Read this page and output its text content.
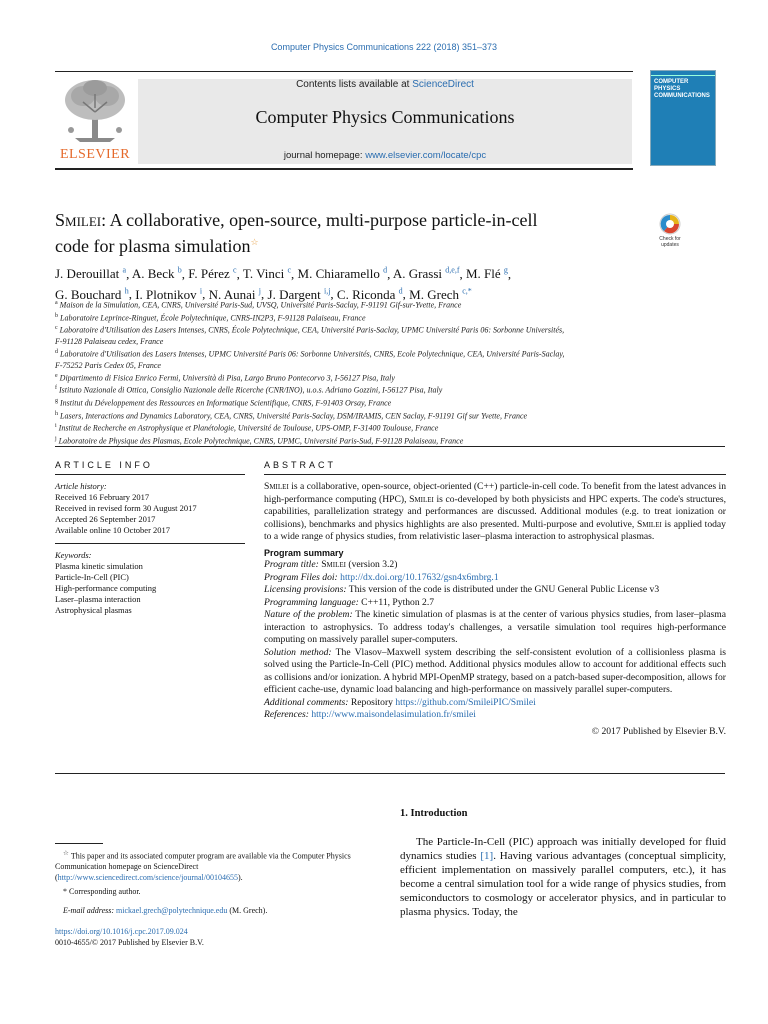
Computer Physics Communications 222 (2018) 351–373
ELSEVIER
Contents lists available at ScienceDirect
Computer Physics Communications
journal homepage: www.elsevier.com/locate/cpc
COMPUTER PHYSICS COMMUNICATIONS
Smilei: A collaborative, open-source, multi-purpose particle-in-cell
code for plasma simulation☆	Check for updates
J. Derouillat $^a$, A. Beck $^b$, F. Pérez $^c$, T. Vinci $^c$, M. Chiaramello $^d$, A. Grassi $^{d,e,f}$, M. Flé $^g$,
G. Bouchard $^h$, I. Plotnikov $^i$, N. Aunai $^j$, J. Dargent $^{i,j}$, C. Riconda $^d$, M. Grech $^{c,*}$
$^a$ Maison de la Simulation, CEA, CNRS, Université Paris-Sud, UVSQ, Université Paris-Saclay, F-91191 Gif-sur-Yvette, France
$^b$ Laboratoire Leprince-Ringuet, École Polytechnique, CNRS-IN2P3, F-91128 Palaiseau, France
$^c$ Laboratoire d'Utilisation des Lasers Intenses, CNRS, École Polytechnique, CEA, Université Paris-Saclay, UPMC Université Paris 06: Sorbonne Universités,
F-91128 Palaiseau cedex, France
$^d$ Laboratoire d'Utilisation des Lasers Intenses, UPMC Université Paris 06: Sorbonne Universités, CNRS, Ecole Polytechnique, CEA, Université Paris-Saclay,
F-75252 Paris Cedex 05, France
$^e$ Dipartimento di Fisica Enrico Fermi, Università di Pisa, Largo Bruno Pontecorvo 3, I-56127 Pisa, Italy
$^f$ Istituto Nazionale di Ottica, Consiglio Nazionale delle Ricerche (CNR/INO), u.o.s. Adriano Gozzini, I-56127 Pisa, Italy
$^g$ Institut du Développement des Ressources en Informatique Scientifique, CNRS, F-91403 Orsay, France
$^h$ Lasers, Interactions and Dynamics Laboratory, CEA, CNRS, Université Paris-Saclay, DSM/IRAMIS, CEN Saclay, F-91191 Gif sur Yvette, France
$^i$ Institut de Recherche en Astrophysique et Planétologie, Université de Toulouse, UPS-OMP, F-31400 Toulouse, France
$^j$ Laboratoire de Physique des Plasmas, Ecole Polytechnique, CNRS, UPMC, Université Paris-Sud, F-91128 Palaiseau, France
ARTICLE INFO	ABSTRACT
Article history:
Received 16 February 2017
Received in revised form 30 August 2017
Accepted 26 September 2017
Available online 10 October 2017
Keywords:
Plasma kinetic simulation
Particle-In-Cell (PIC)
High-performance computing
Laser–plasma interaction
Astrophysical plasmas
Smilei is a collaborative, open-source, object-oriented (C++) particle-in-cell code. To benefit from the latest advances in high-performance computing (HPC), Smilei is co-developed by both physicists and HPC experts. The code's structures, capabilities, parallelization strategy and performances are discussed. Additional modules (e.g. to treat ionization or collisions), benchmarks and physics highlights are also presented. Multi-purpose and evolutive, Smilei is applied today to a wide range of physics studies, from relativistic laser–plasma interaction to astrophysical plasmas.
Program summary
Program title: Smilei (version 3.2)
Program Files doi: http://dx.doi.org/10.17632/gsn4x6mbrg.1
Licensing provisions: This version of the code is distributed under the GNU General Public License v3
Programming language: C++11, Python 2.7
Nature of the problem: The kinetic simulation of plasmas is at the center of various physics studies, from laser–plasma interaction to astrophysics. To address today's challenges, a versatile simulation tool requires high-performance computing on massively parallel super-computers.
Solution method: The Vlasov–Maxwell system describing the self-consistent evolution of a collisionless plasma is solved using the Particle-In-Cell (PIC) method. Additional physics modules allow to account for additional effects such as collisions and/or ionization. A hybrid MPI-OpenMP strategy, based on a patch-based super-decomposition, allows for efficient cache-use, dynamic load balancing and high-performance on massively parallel super-computers.
Additional comments: Repository https://github.com/SmileiPIC/Smilei
References: http://www.maisondelasimulation.fr/smilei
© 2017 Published by Elsevier B.V.
1. Introduction
The Particle-In-Cell (PIC) approach was initially developed for fluid dynamics studies [1]. Having various advantages (conceptual simplicity, efficient implementation on massively parallel computers, etc.), it has become a central simulation tool for a wide range of physics studies, from semiconductors to cosmology or accelerator physics, and in particular to plasma physics. Today, the
☆ This paper and its associated computer program are available via the Computer Physics Communication homepage on ScienceDirect (http://www.sciencedirect.com/science/journal/00104655).
* Corresponding author.
E-mail address: mickael.grech@polytechnique.edu (M. Grech).
https://doi.org/10.1016/j.cpc.2017.09.024
0010-4655/© 2017 Published by Elsevier B.V.
